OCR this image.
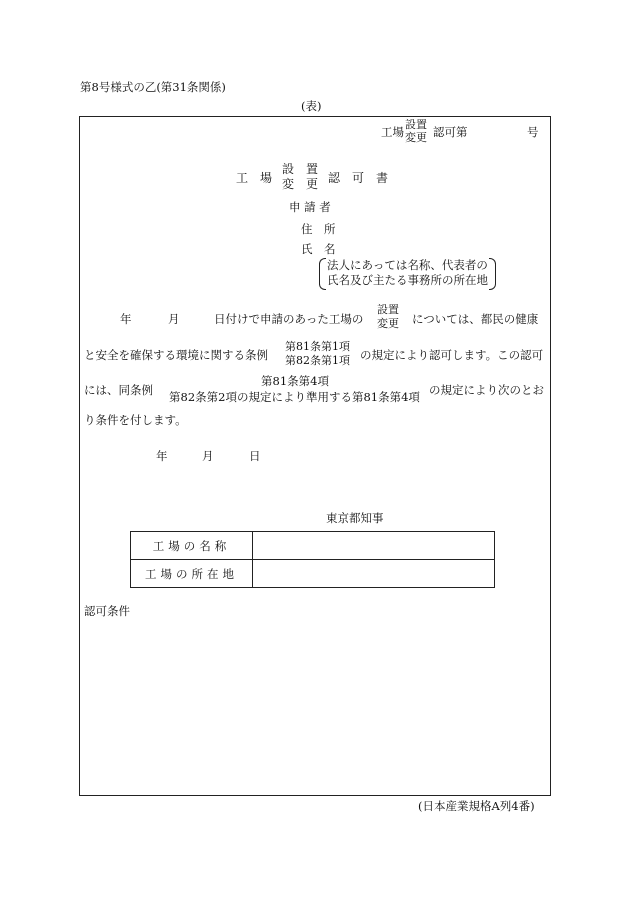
第8号様式の乙(第31条関係)
(表)
工場
設置
変更 認可第	号
工　場
設　置
変　更 認　可　書
申 請 者
住　所
氏　名
法人にあっては名称、代表者の
氏名及び主たる事務所の所在地
年	月	日付けで申請のあった工場の
設置
変更 については、都民の健康
と安全を確保する環境に関する条例
第81条第1項
第82条第1項 の規定により認可します。この認可
には、同条例
第81条第4項
第82条第2項の規定により準用する第81条第4項 の規定により次のとお
り条件を付します。
年	月	日
東京都知事
工場の名称	
工場の所在地	
認可条件
(日本産業規格A列4番)
